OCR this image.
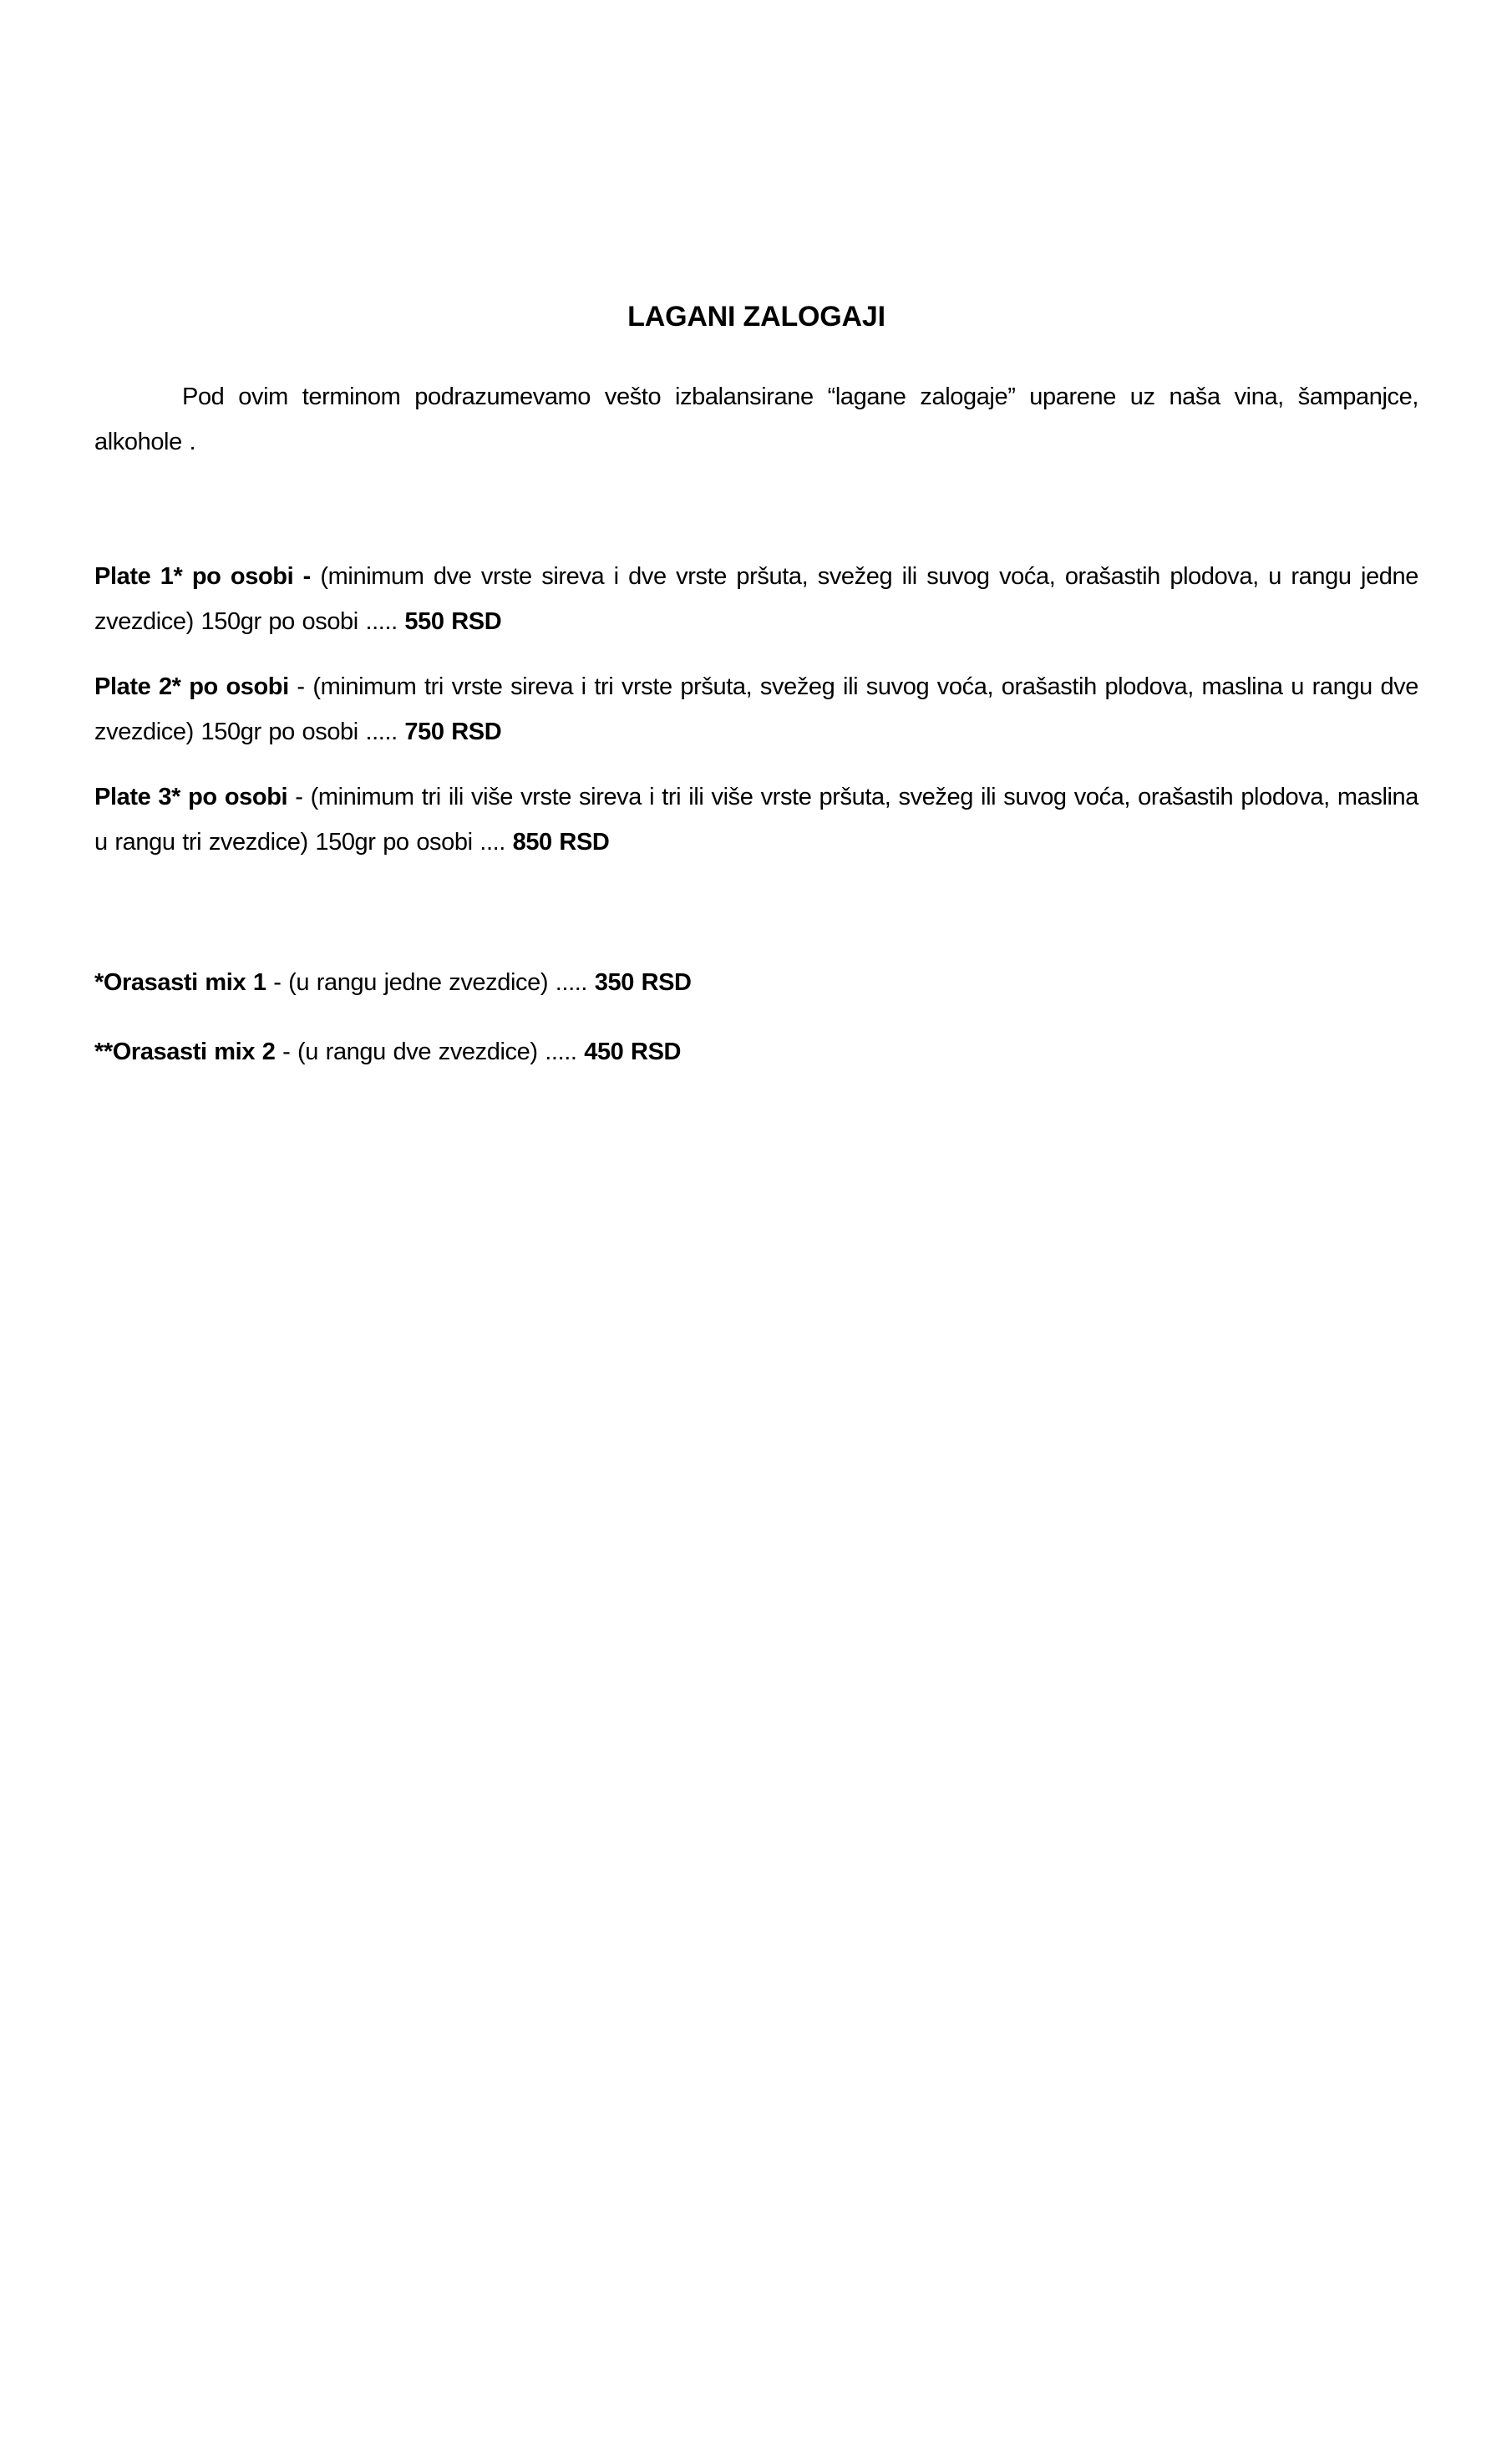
LAGANI ZALOGAJI

Pod ovim terminom podrazumevamo vešto izbalansirane “lagane zalogaje” uparene uz naša vina, šampanjce, alkohole .

Plate 1* po osobi - (minimum dve vrste sireva i dve vrste pršuta, svežeg ili suvog voća, orašastih plodova, u rangu jedne zvezdice) 150gr po osobi ..... 550 RSD

Plate 2* po osobi - (minimum tri vrste sireva i tri vrste pršuta, svežeg ili suvog voća, orašastih plodova, maslina u rangu dve zvezdice) 150gr po osobi ..... 750 RSD

Plate 3* po osobi - (minimum tri ili više vrste sireva i tri ili više vrste pršuta, svežeg ili suvog voća, orašastih plodova, maslina u rangu tri zvezdice) 150gr po osobi .... 850 RSD

*Orasasti mix 1 - (u rangu jedne zvezdice) ..... 350 RSD

**Orasasti mix 2 - (u rangu dve zvezdice) ..... 450 RSD
